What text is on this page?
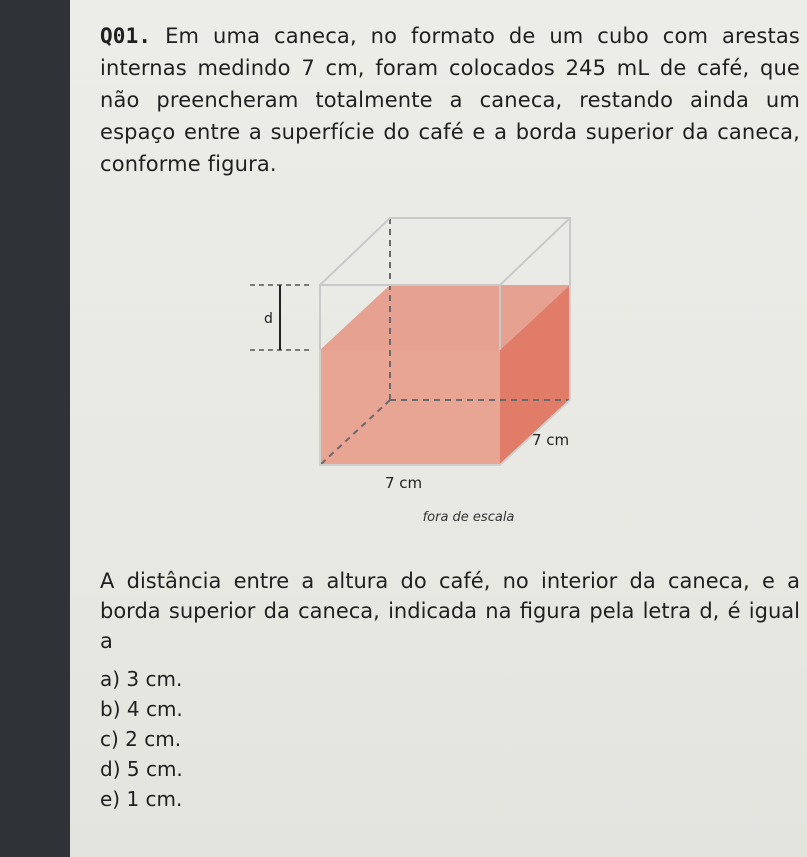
Q01. Em uma caneca, no formato de um cubo com arestas internas medindo 7 cm, foram colocados 245 mL de café, que não preencheram totalmente a caneca, restando ainda um espaço entre a superfície do café e a borda superior da caneca, conforme figura.
d
7 cm
7 cm
fora de escala
A distância entre a altura do café, no interior da caneca, e a borda superior da caneca, indicada na figura pela letra d, é igual a
a) 3 cm.
b) 4 cm.
c) 2 cm.
d) 5 cm.
e) 1 cm.
